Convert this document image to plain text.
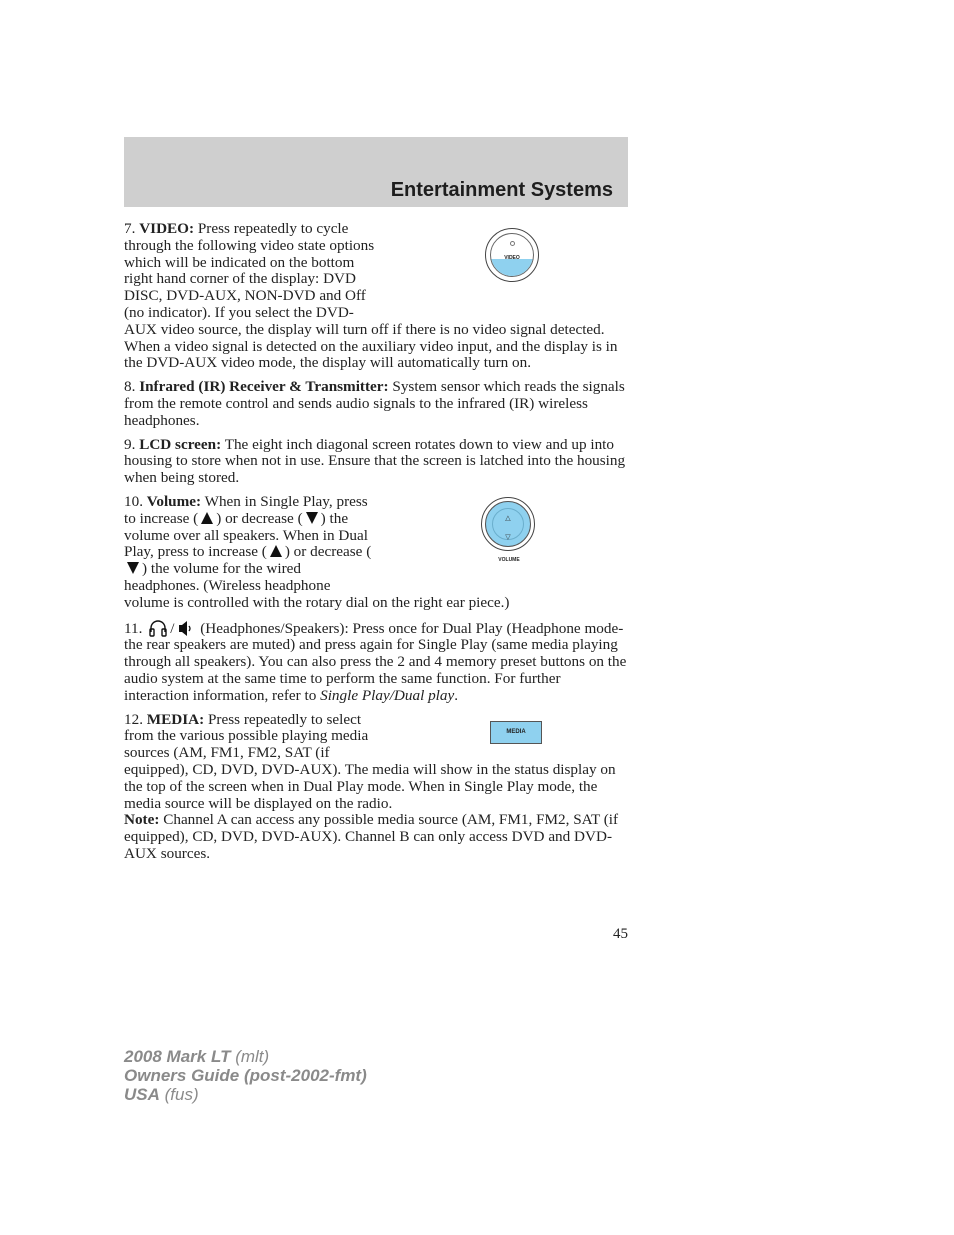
Entertainment Systems
VIDEO

7. VIDEO: Press repeatedly to cycle through the following video state options which will be indicated on the bottom right hand corner of the display: DVD DISC, DVD-AUX, NON-DVD and Off (no indicator). If you select the DVD-AUX video source, the display will turn off if there is no video signal detected. When a video signal is detected on the auxiliary video input, and the display is in the DVD-AUX video mode, the display will automatically turn on.

8. Infrared (IR) Receiver & Transmitter: System sensor which reads the signals from the remote control and sends audio signals to the infrared (IR) wireless headphones.

9. LCD screen: The eight inch diagonal screen rotates down to view and up into housing to store when not in use. Ensure that the screen is latched into the housing when being stored.

△
▽
VOLUME

10. Volume: When in Single Play, press to increase ( ) or decrease ( ) the volume over all speakers. When in Dual Play, press to increase ( ) or decrease () the volume for the wired headphones. (Wireless headphone volume is controlled with the rotary dial on the right ear piece.)

11. / (Headphones/Speakers): Press once for Dual Play (Headphone mode- the rear speakers are muted) and press again for Single Play (same media playing through all speakers). You can also press the 2 and 4 memory preset buttons on the audio system at the same time to perform the same function. For further interaction information, refer to Single Play/Dual play.

MEDIA

12. MEDIA: Press repeatedly to select from the various possible playing media sources (AM, FM1, FM2, SAT (if equipped), CD, DVD, DVD-AUX). The media will show in the status display on the top of the screen when in Dual Play mode. When in Single Play mode, the media source will be displayed on the radio.

Note: Channel A can access any possible media source (AM, FM1, FM2, SAT (if equipped), CD, DVD, DVD-AUX). Channel B can only access DVD and DVD-AUX sources.

45
2008 Mark LT (mlt)
Owners Guide (post-2002-fmt)
USA (fus)
